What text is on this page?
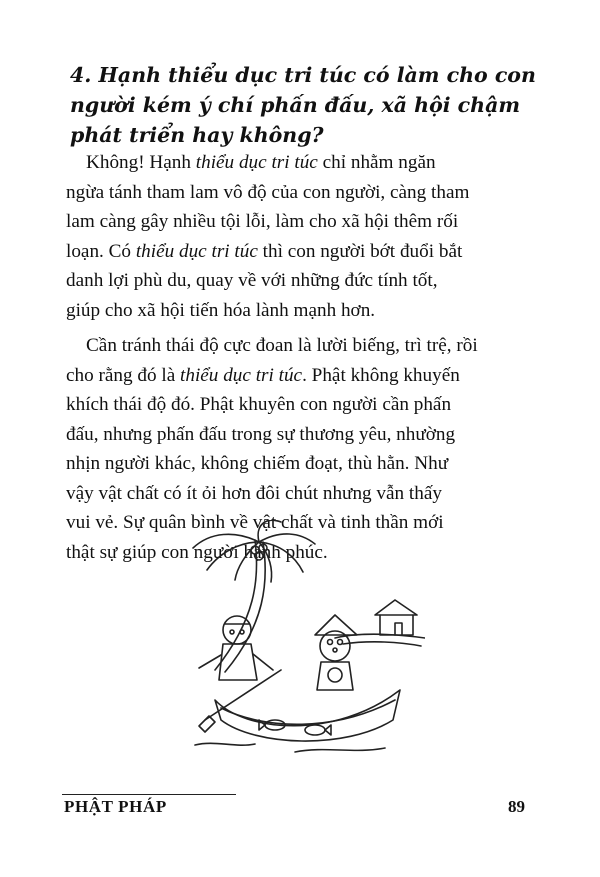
4. Hạnh thiểu dục tri túc có làm cho con người kém ý chí phấn đấu, xã hội chậm phát triển hay không?
Không! Hạnh thiểu dục tri túc chỉ nhằm ngăn
ngừa tánh tham lam vô độ của con người, càng tham
lam càng gây nhiều tội lỗi, làm cho xã hội thêm rối
loạn. Có thiểu dục tri túc thì con người bớt đuổi bắt
danh lợi phù du, quay về với những đức tính tốt,
giúp cho xã hội tiến hóa lành mạnh hơn.
Cần tránh thái độ cực đoan là lười biếng, trì trệ, rồi
cho rằng đó là thiểu dục tri túc. Phật không khuyến
khích thái độ đó. Phật khuyên con người cần phấn
đấu, nhưng phấn đấu trong sự thương yêu, nhường
nhịn người khác, không chiếm đoạt, thù hằn. Như
vậy vật chất có ít ỏi hơn đôi chút nhưng vẫn thấy
vui vẻ. Sự quân bình về vật chất và tinh thần mới
thật sự giúp con người hạnh phúc.
PHẬT PHÁP	89
